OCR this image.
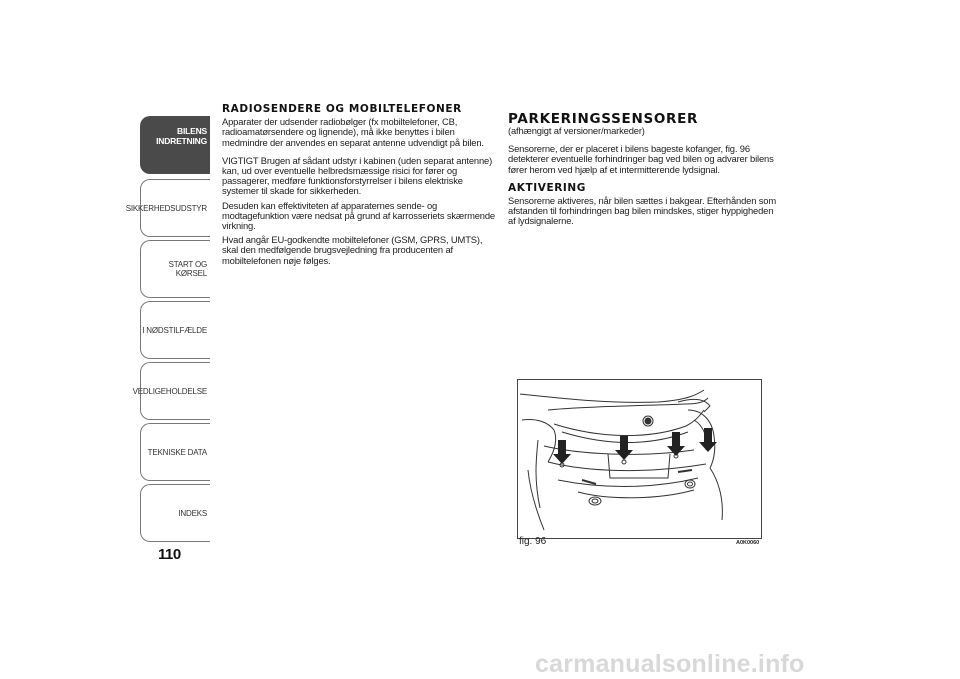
BILENS
INDRETNING
SIKKERHEDSUDSTYR
START OG KØRSEL
I NØDSTILFÆLDE
VEDLIGEHOLDELSE
TEKNISKE DATA
INDEKS
110
RADIOSENDERE OG MOBILTELEFONER

Apparater der udsender radiobølger (fx mobiltelefoner, CB, radioamatørsendere og lignende), må ikke benyttes i bilen medmindre der anvendes en separat antenne udvendigt på bilen.

VIGTIGT Brugen af sådant udstyr i kabinen (uden separat antenne) kan, ud over eventuelle helbredsmæssige risici for fører og passagerer, medføre funktionsforstyrrelser i bilens elektriske systemer til skade for sikkerheden.

Desuden kan effektiviteten af apparaternes sende- og modtagefunktion være nedsat på grund af karrosseriets skærmende virkning.

Hvad angår EU-godkendte mobiltelefoner (GSM, GPRS, UMTS), skal den medfølgende brugsvejledning fra producenten af mobiltelefonen nøje følges.

PARKERINGSSENSORER

(afhængigt af versioner/markeder)

Sensorerne, der er placeret i bilens bageste kofanger, fig. 96 detekterer eventuelle forhindringer bag ved bilen og advarer bilens fører herom ved hjælp af et intermitterende lydsignal.

AKTIVERING

Sensorerne aktiveres, når bilen sættes i bakgear. Efterhånden som afstanden til forhindringen bag bilen mindskes, stiger hyppigheden af lydsignalerne.

fig. 96	A0K0060
carmanualsonline.info
